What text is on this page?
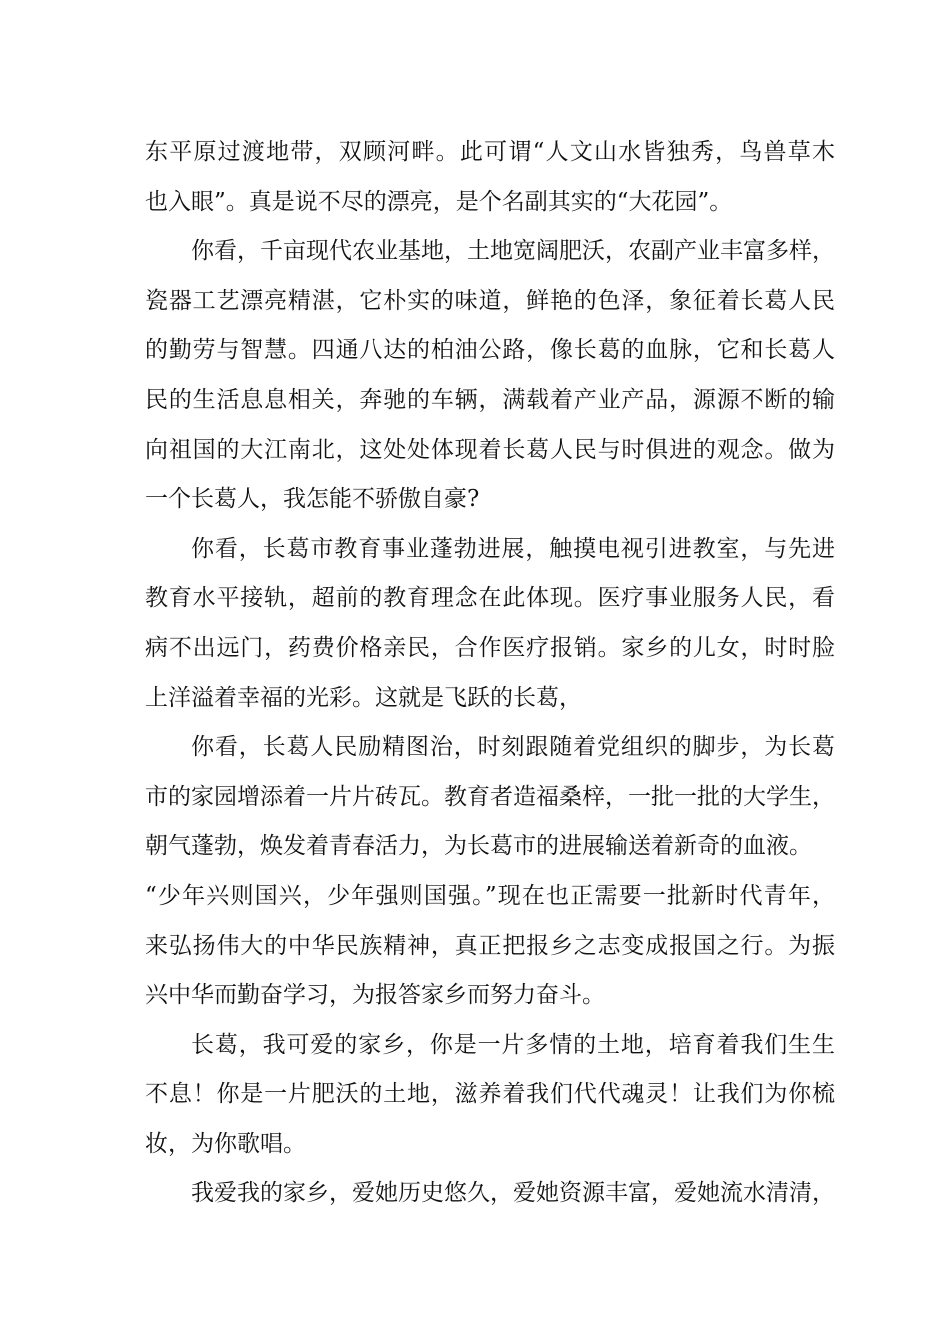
东平原过渡地带，双顾河畔。此可谓“人文山水皆独秀，鸟兽草木
也入眼”。真是说不尽的漂亮，是个名副其实的“大花园”。
你看，千亩现代农业基地，土地宽阔肥沃，农副产业丰富多样，
瓷器工艺漂亮精湛，它朴实的味道，鲜艳的色泽，象征着长葛人民
的勤劳与智慧。四通八达的柏油公路，像长葛的血脉，它和长葛人
民的生活息息相关，奔驰的车辆，满载着产业产品，源源不断的输
向祖国的大江南北，这处处体现着长葛人民与时俱进的观念。做为
一个长葛人，我怎能不骄傲自豪?
你看，长葛市教育事业蓬勃进展，触摸电视引进教室，与先进
教育水平接轨，超前的教育理念在此体现。医疗事业服务人民，看
病不出远门，药费价格亲民，合作医疗报销。家乡的儿女，时时脸
上洋溢着幸福的光彩。这就是飞跃的长葛，
你看，长葛人民励精图治，时刻跟随着党组织的脚步，为长葛
市的家园增添着一片片砖瓦。教育者造福桑梓，一批一批的大学生，
朝气蓬勃，焕发着青春活力，为长葛市的进展输送着新奇的血液。
“少年兴则国兴，少年强则国强。”现在也正需要一批新时代青年，
来弘扬伟大的中华民族精神，真正把报乡之志变成报国之行。为振
兴中华而勤奋学习，为报答家乡而努力奋斗。
长葛，我可爱的家乡，你是一片多情的土地，培育着我们生生
不息！你是一片肥沃的土地，滋养着我们代代魂灵！让我们为你梳
妆，为你歌唱。
我爱我的家乡，爱她历史悠久，爱她资源丰富，爱她流水清清，
